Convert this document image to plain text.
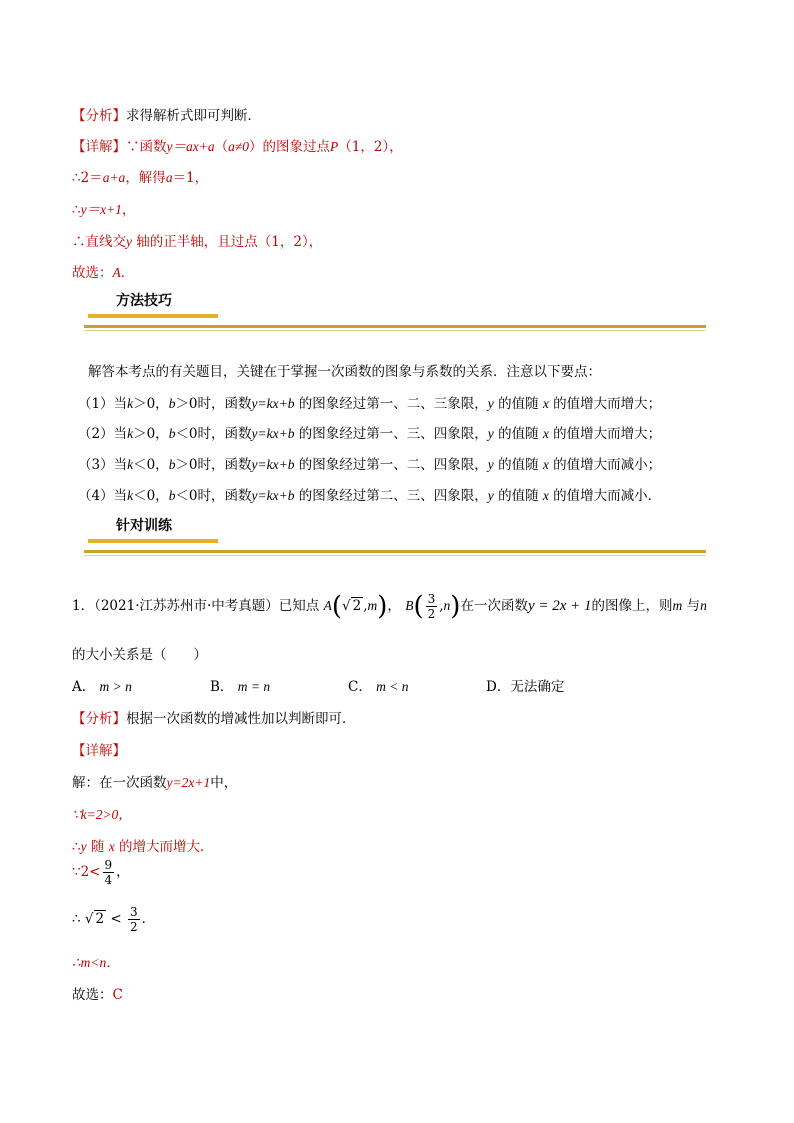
【分析】求得解析式即可判断．
【详解】∵函数y＝ax+a（a≠0）的图象过点P（1，2），
∴2＝a+a，解得a＝1，
∴y＝x+1，
∴直线交y 轴的正半轴，且过点（1，2），
故选：A．
方法技巧
解答本考点的有关题目，关键在于掌握一次函数的图象与系数的关系．注意以下要点：
（1）当k＞0，b＞0时，函数y=kx+b 的图象经过第一、二、三象限，y 的值随 x 的值增大而增大；
（2）当k＞0，b＜0时，函数y=kx+b 的图象经过第一、三、四象限，y 的值随 x 的值增大而增大；
（3）当k＜0，b＞0时，函数y=kx+b 的图象经过第一、二、四象限，y 的值随 x 的值增大而减小；
（4）当k＜0，b＜0时，函数y=kx+b 的图象经过第二、三、四象限，y 的值随 x 的值增大而减小．
针对训练
1．（2021·江苏苏州市·中考真题）已知点 A(√ 2 ,m)， $B( \frac{3}{2} ,n)$在一次函数y = 2x + 1的图像上，则m 与n
的大小关系是（　　）
A． m > n	B． m = n	C． m < n	D．无法确定
【分析】根据一次函数的增减性加以判断即可．
【详解】
解：在一次函数y=2x+1中，
∵k=2>0，
∴y 随 x 的增大而增大．
∵2< $\frac{9}{4}$ ，
∴ √ $2 < \frac{3}{2}$ ．
∴m<n．
故选：C
